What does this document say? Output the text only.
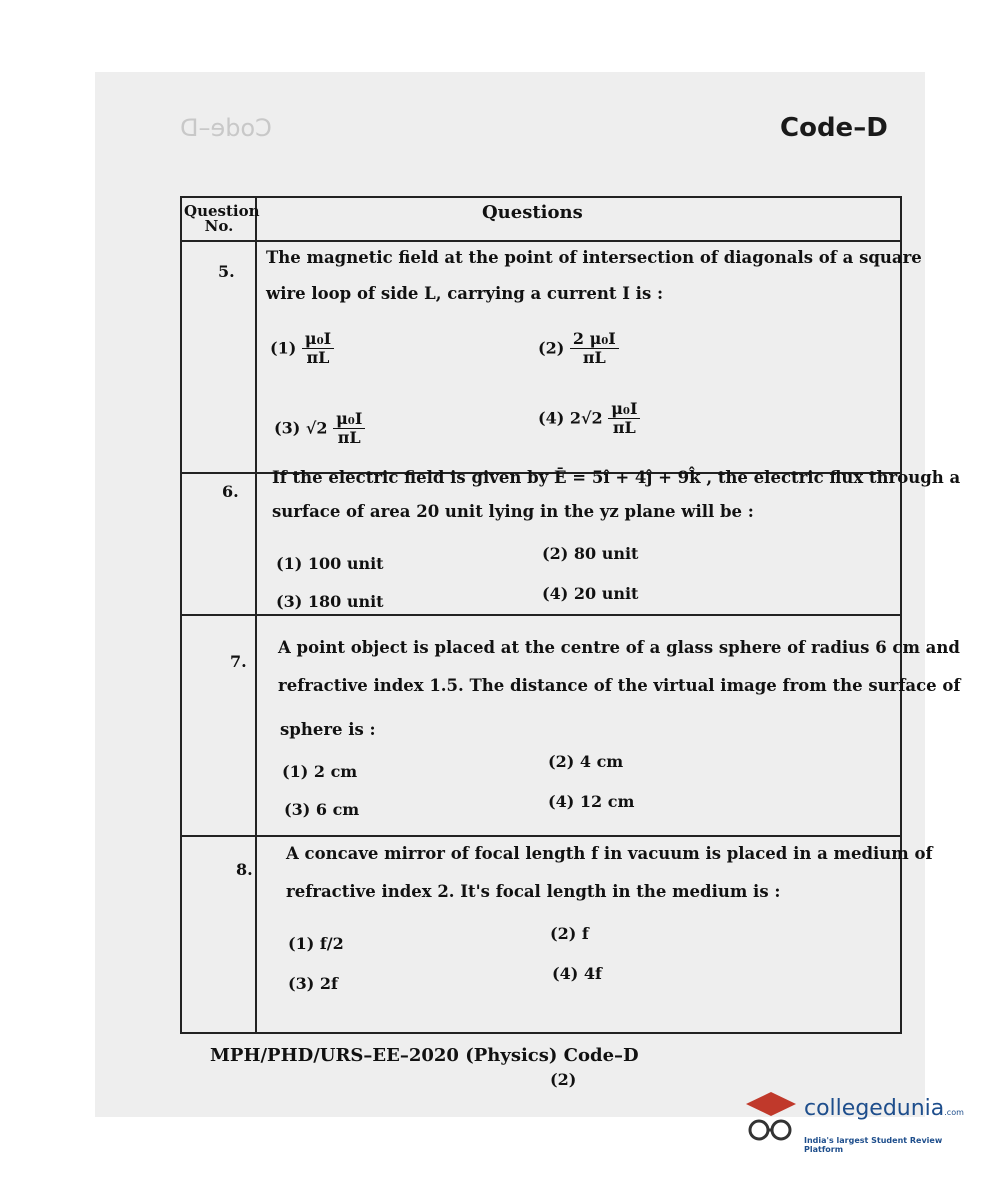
Code–D	Code–D
Question
No.
Questions
5.
The magnetic field at the point of intersection of diagonals of a square
wire loop of side L, carrying a current I is :
$(1) \frac{\text{μ₀I}}{\pi L}$	$(2) \frac{\text{2 μ₀I}}{\pi L}$
(3) $√2 \frac{\text{μ₀I}}{\pi L}$	(4) $2√2 \frac{\text{μ₀I}}{\pi L}$
6.
If the electric field is given by Ē = 5î + 4ĵ + 9k̂ , the electric flux through a
surface of area 20 unit lying in the yz plane will be :
(1) 100 unit
(2) 80 unit
(3) 180 unit	(4) 20 unit
7.
A point object is placed at the centre of a glass sphere of radius 6 cm and
refractive index 1.5. The distance of the virtual image from the surface of
sphere is :
(1) 2 cm
(2) 4 cm
(3) 6 cm	(4) 12 cm
8.
A concave mirror of focal length f in vacuum is placed in a medium of
refractive index 2. It's focal length in the medium is :
(1) f/2
(2) f
(3) 2f
(4) 4f
MPH/PHD/URS–EE–2020 (Physics) Code–D
(2)
collegedunia.com
India's largest Student Review Platform
